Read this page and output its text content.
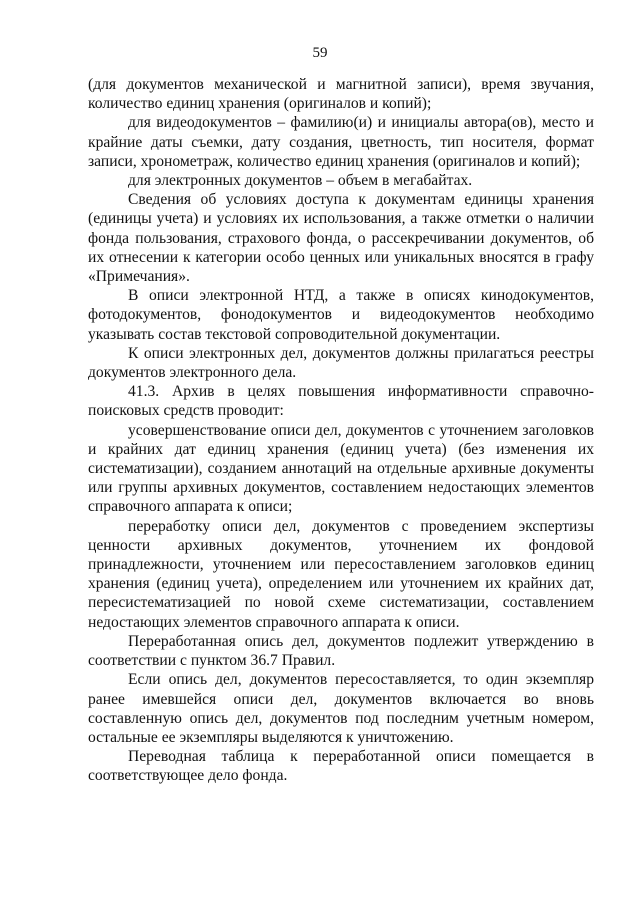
59

(для документов механической и магнитной записи), время звучания, количество единиц хранения (оригиналов и копий);

для видеодокументов – фамилию(и) и инициалы автора(ов), место и крайние даты съемки, дату создания, цветность, тип носителя, формат записи, хронометраж, количество единиц хранения (оригиналов и копий);

для электронных документов – объем в мегабайтах.

Сведения об условиях доступа к документам единицы хранения (единицы учета) и условиях их использования, а также отметки о наличии фонда пользования, страхового фонда, о рассекречивании документов, об их отнесении к категории особо ценных или уникальных вносятся в графу «Примечания».

В описи электронной НТД, а также в описях кинодокументов, фотодокументов, фонодокументов и видеодокументов необходимо указывать состав текстовой сопроводительной документации.

К описи электронных дел, документов должны прилагаться реестры документов электронного дела.

41.3. Архив в целях повышения информативности справочно-поисковых средств проводит:

усовершенствование описи дел, документов с уточнением заголовков и крайних дат единиц хранения (единиц учета) (без изменения их систематизации), созданием аннотаций на отдельные архивные документы или группы архивных документов, составлением недостающих элементов справочного аппарата к описи;

переработку описи дел, документов с проведением экспертизы ценности архивных документов, уточнением их фондовой принадлежности, уточнением или пересоставлением заголовков единиц хранения (единиц учета), определением или уточнением их крайних дат, пересистематизацией по новой схеме систематизации, составлением недостающих элементов справочного аппарата к описи.

Переработанная опись дел, документов подлежит утверждению в соответствии с пунктом 36.7 Правил.

Если опись дел, документов пересоставляется, то один экземпляр ранее имевшейся описи дел, документов включается во вновь составленную опись дел, документов под последним учетным номером, остальные ее экземпляры выделяются к уничтожению.

Переводная таблица к переработанной описи помещается в соответствующее дело фонда.
